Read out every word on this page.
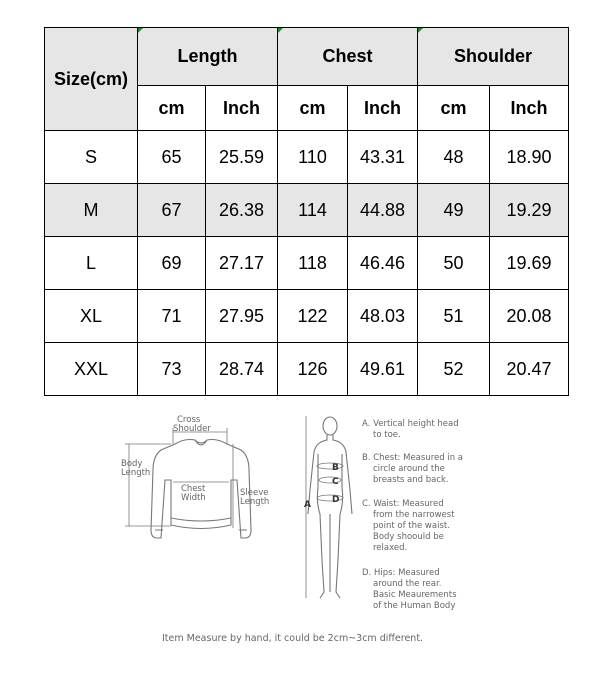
Size(cm)	Length		Chest		Shoulder	
	cm	Inch	cm	Inch	cm	Inch
S	65	25.59	110	43.31	48	18.90
M	67	26.38	114	44.88	49	19.29
L	69	27.17	118	46.46	50	19.69
XL	71	27.95	122	48.03	51	20.08
XXL	73	28.74	126	49.61	52	20.47
Cross
Shoulder
Body
Length
Chest
Width	Sleeve
Length	A
B
C
D
A. Vertical height head
to toe.
B. Chest: Measured in a
circle around the
breasts and back.
C. Waist: Measured
from the narrowest
point of the waist.
Body shoould be
relaxed.
D. Hips: Measured
around the rear.
Basic Meaurements
of the Human Body
Item Measure by hand, it could be 2cm~3cm different.
